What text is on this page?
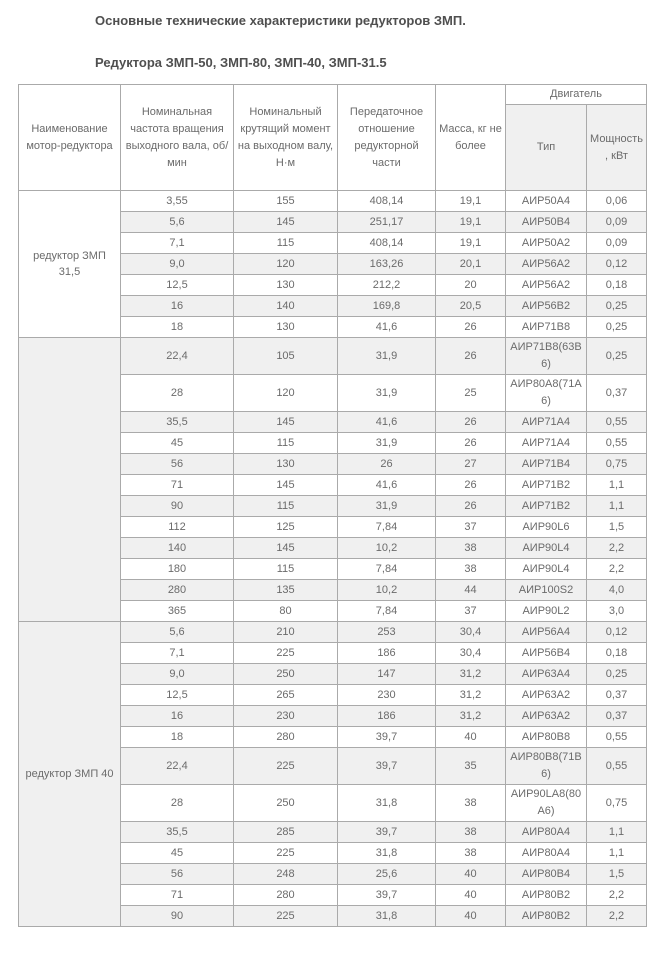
Основные технические характеристики редукторов ЗМП.
Редуктора ЗМП-50, ЗМП-80, ЗМП-40, ЗМП-31.5
Наименование мотор-редуктора	Номинальная частота вращения выходного вала, об/ мин	Номинальный крутящий момент на выходном валу, Н·м	Передаточное отношение редукторной части	Масса, кг не более	Двигатель	
					Тип	Мощность, кВт
редуктор ЗМП 31,5	3,55	155	408,14	19,1	АИР50А4	0,06
	5,6	145	251,17	19,1	АИР50В4	0,09
	7,1	115	408,14	19,1	АИР50А2	0,09
	9,0	120	163,26	20,1	АИР56А2	0,12
	12,5	130	212,2	20	АИР56А2	0,18
	16	140	169,8	20,5	АИР56В2	0,25
	18	130	41,6	26	АИР71В8	0,25
	22,4	105	31,9	26	АИР71В8(63В6)	0,25
	28	120	31,9	25	АИР80А8(71А6)	0,37
	35,5	145	41,6	26	АИР71А4	0,55
	45	115	31,9	26	АИР71А4	0,55
	56	130	26	27	АИР71В4	0,75
	71	145	41,6	26	АИР71В2	1,1
	90	115	31,9	26	АИР71В2	1,1
	112	125	7,84	37	АИР90L6	1,5
	140	145	10,2	38	АИР90L4	2,2
	180	115	7,84	38	АИР90L4	2,2
	280	135	10,2	44	АИР100S2	4,0
	365	80	7,84	37	АИР90L2	3,0
редуктор ЗМП 40	5,6	210	253	30,4	АИР56А4	0,12
	7,1	225	186	30,4	АИР56В4	0,18
	9,0	250	147	31,2	АИР63А4	0,25
	12,5	265	230	31,2	АИР63А2	0,37
	16	230	186	31,2	АИР63А2	0,37
	18	280	39,7	40	АИР80В8	0,55
	22,4	225	39,7	35	АИР80В8(71В6)	0,55
	28	250	31,8	38	АИР90LA8(80А6)	0,75
	35,5	285	39,7	38	АИР80А4	1,1
	45	225	31,8	38	АИР80А4	1,1
	56	248	25,6	40	АИР80В4	1,5
	71	280	39,7	40	АИР80В2	2,2
	90	225	31,8	40	АИР80В2	2,2
